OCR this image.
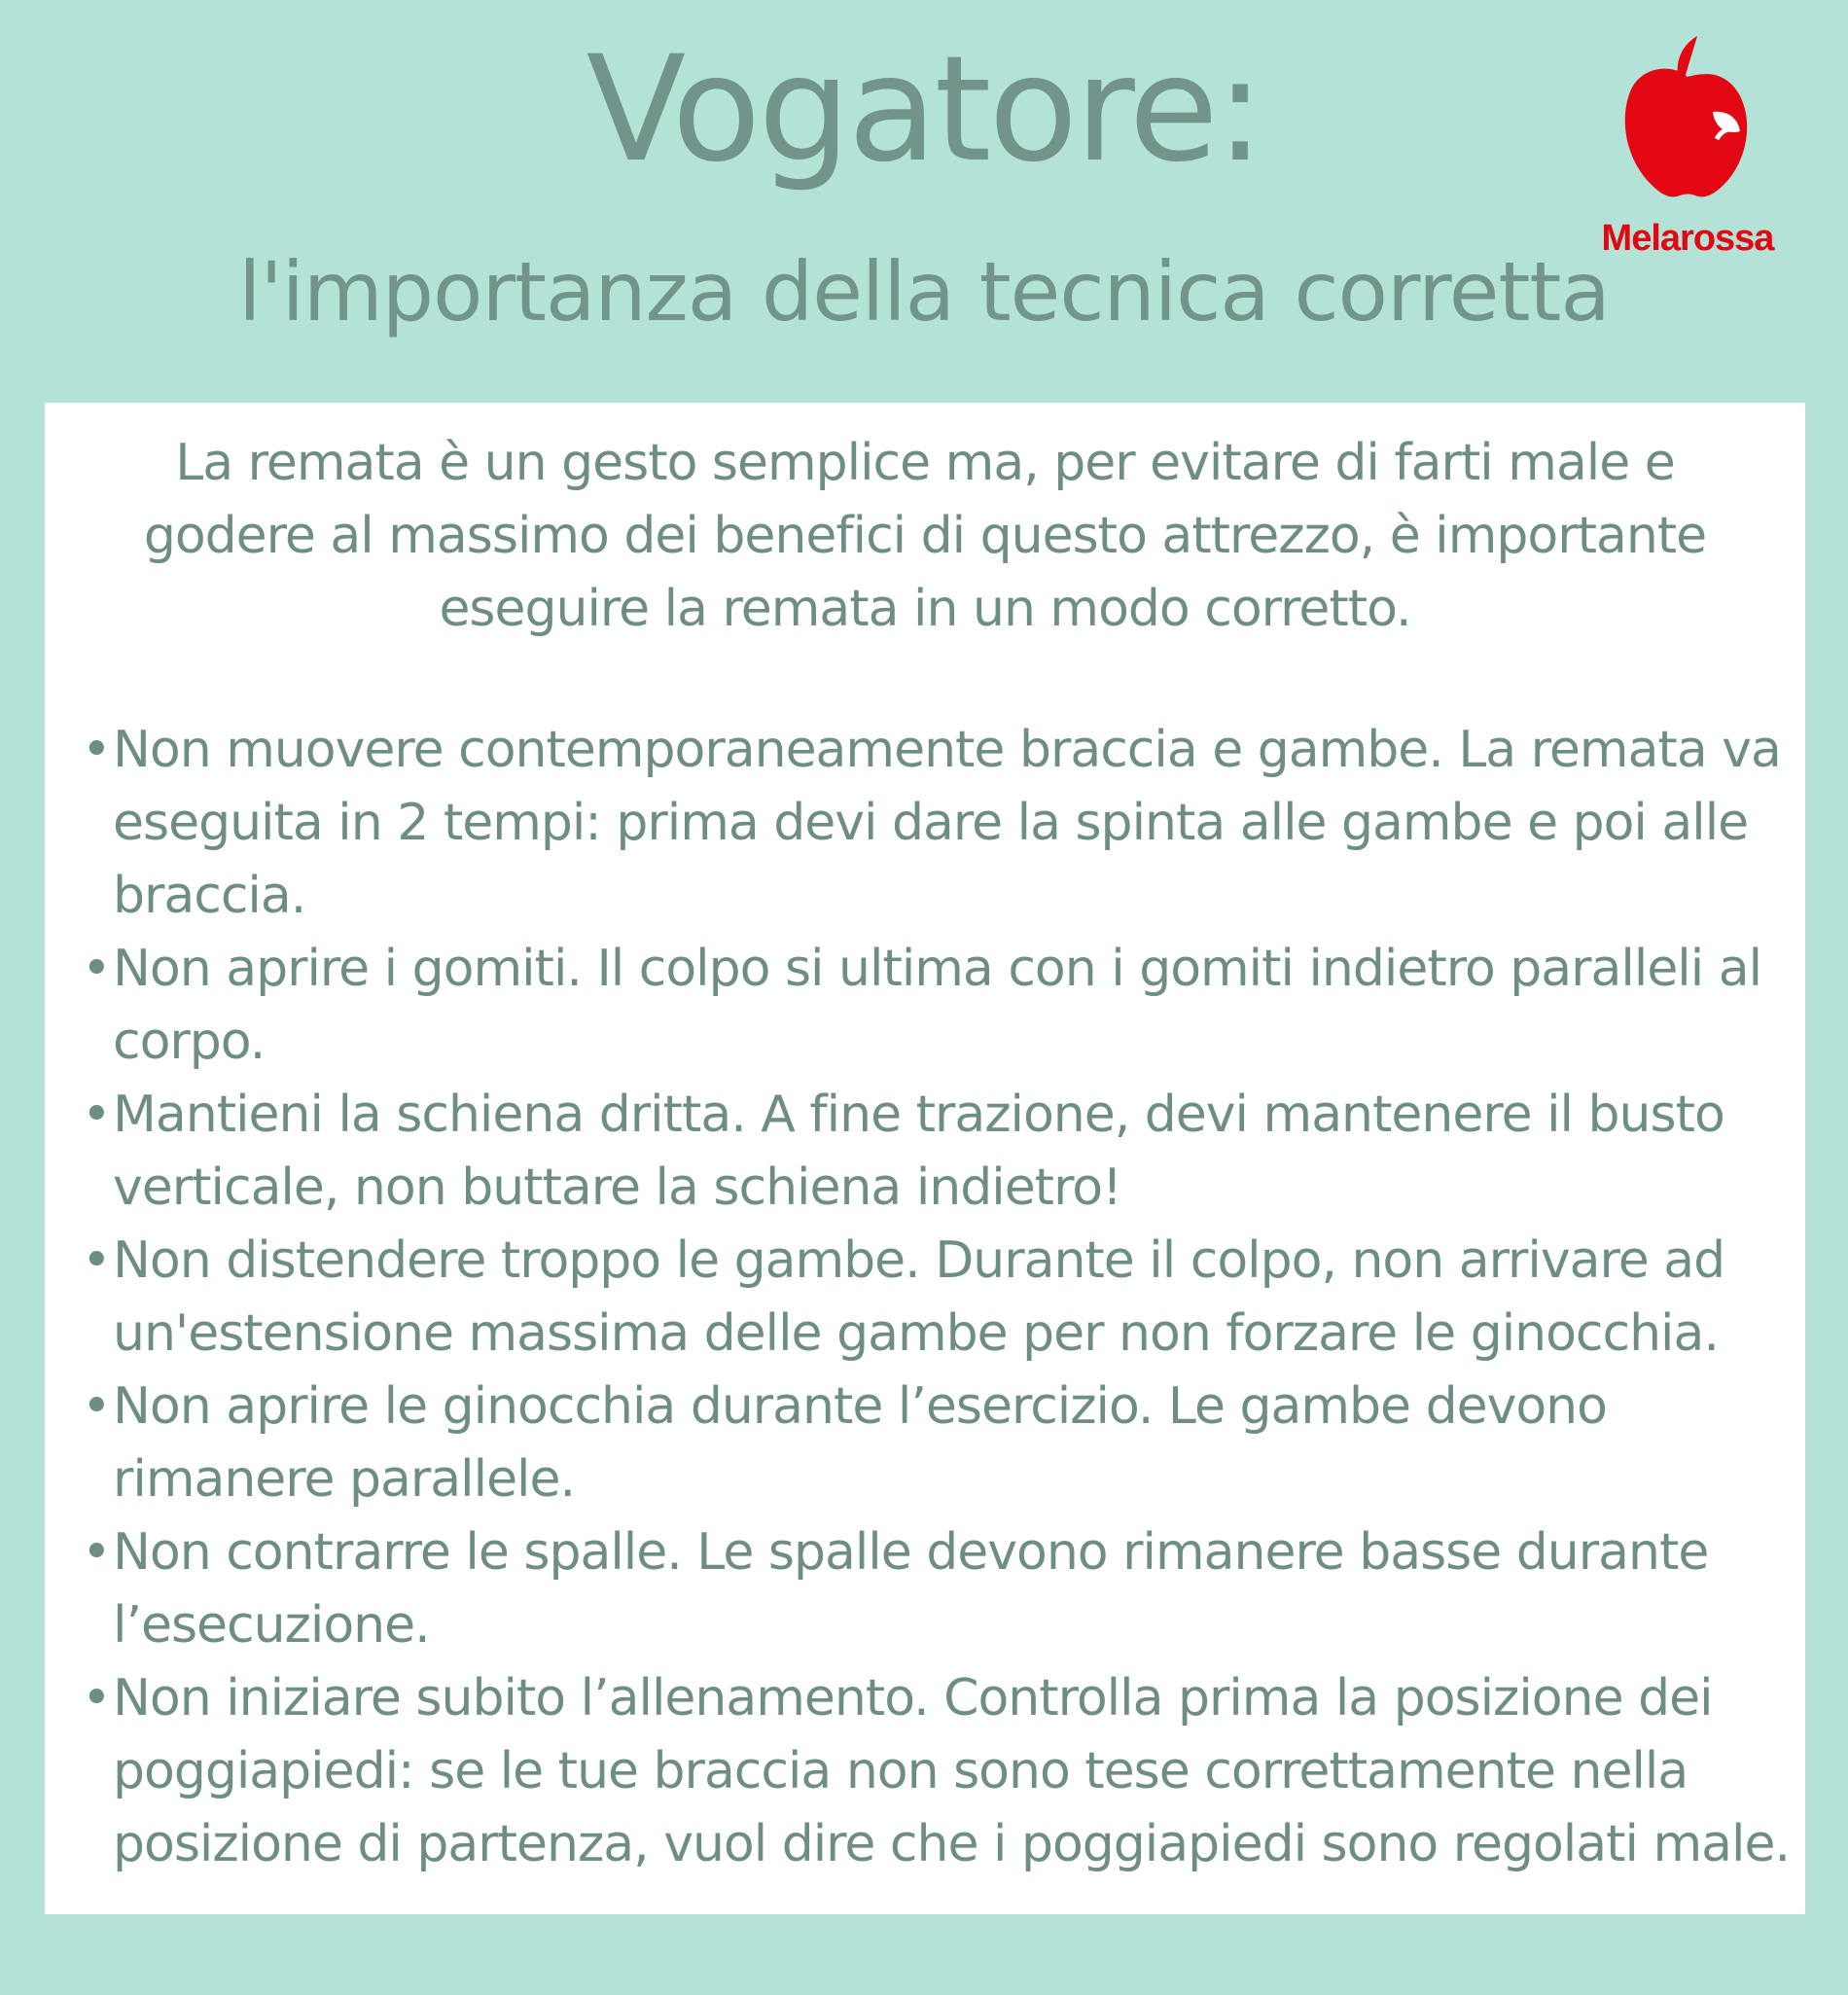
Vogatore:
l'importanza della tecnica corretta
Melarossa
La remata è un gesto semplice ma, per evitare di farti male e
godere al massimo dei benefici di questo attrezzo, è importante
eseguire la remata in un modo corretto.
• Non muovere contemporaneamente braccia e gambe. La remata va
eseguita in 2 tempi: prima devi dare la spinta alle gambe e poi alle
braccia.
• Non aprire i gomiti. Il colpo si ultima con i gomiti indietro paralleli al
corpo.
• Mantieni la schiena dritta. A fine trazione, devi mantenere il busto
verticale, non buttare la schiena indietro!
• Non distendere troppo le gambe. Durante il colpo, non arrivare ad
un'estensione massima delle gambe per non forzare le ginocchia.
• Non aprire le ginocchia durante l’esercizio. Le gambe devono
rimanere parallele.
• Non contrarre le spalle. Le spalle devono rimanere basse durante
l’esecuzione.
• Non iniziare subito l’allenamento. Controlla prima la posizione dei
poggiapiedi: se le tue braccia non sono tese correttamente nella
posizione di partenza, vuol dire che i poggiapiedi sono regolati male.
